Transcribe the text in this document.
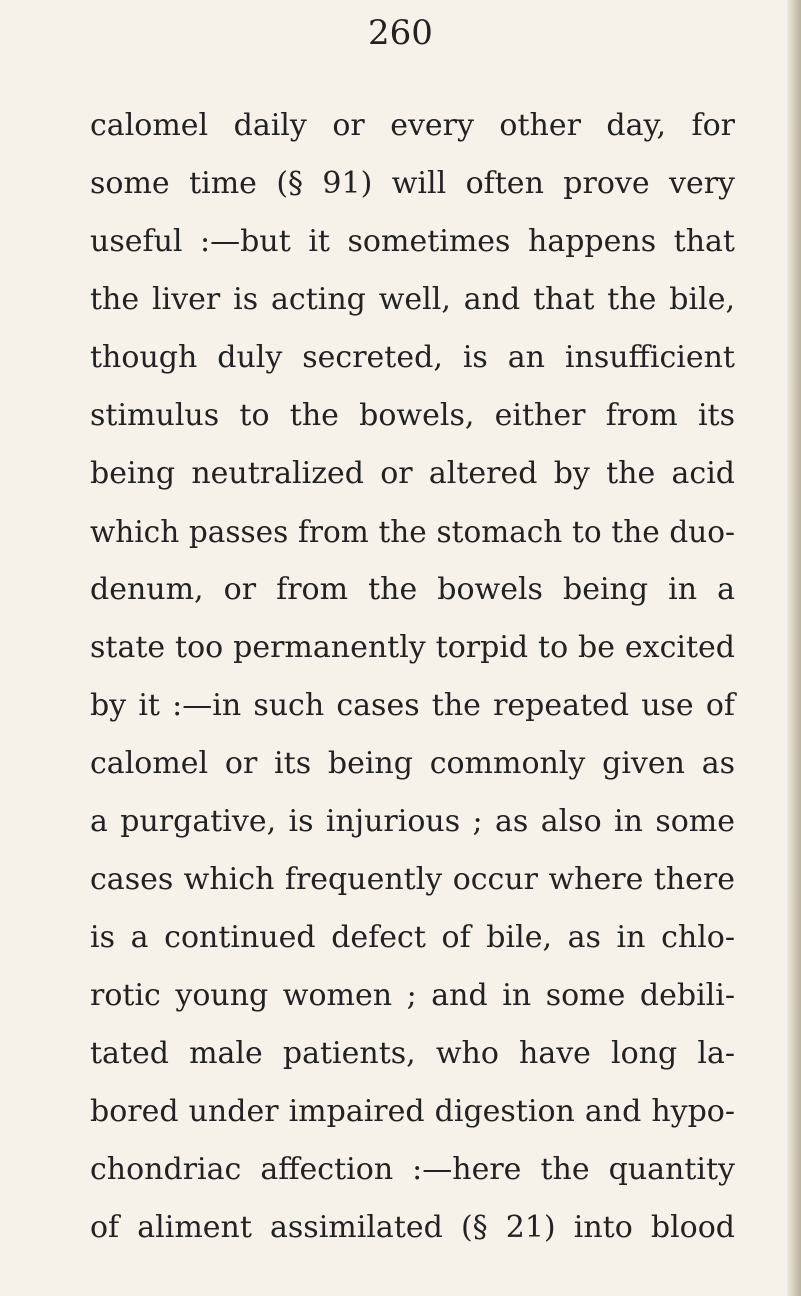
260
calomel daily or every other day, for
some time (§ 91) will often prove very
useful :—but it sometimes happens that
the liver is acting well, and that the bile,
though duly secreted, is an insufficient
stimulus to the bowels, either from its
being neutralized or altered by the acid
which passes from the stomach to the duo-
denum, or from the bowels being in a
state too permanently torpid to be excited
by it :—in such cases the repeated use of
calomel or its being commonly given as
a purgative, is injurious ; as also in some
cases which frequently occur where there
is a continued defect of bile, as in chlo-
rotic young women ; and in some debili-
tated male patients, who have long la-
bored under impaired digestion and hypo-
chondriac affection :—here the quantity
of aliment assimilated (§ 21) into blood
